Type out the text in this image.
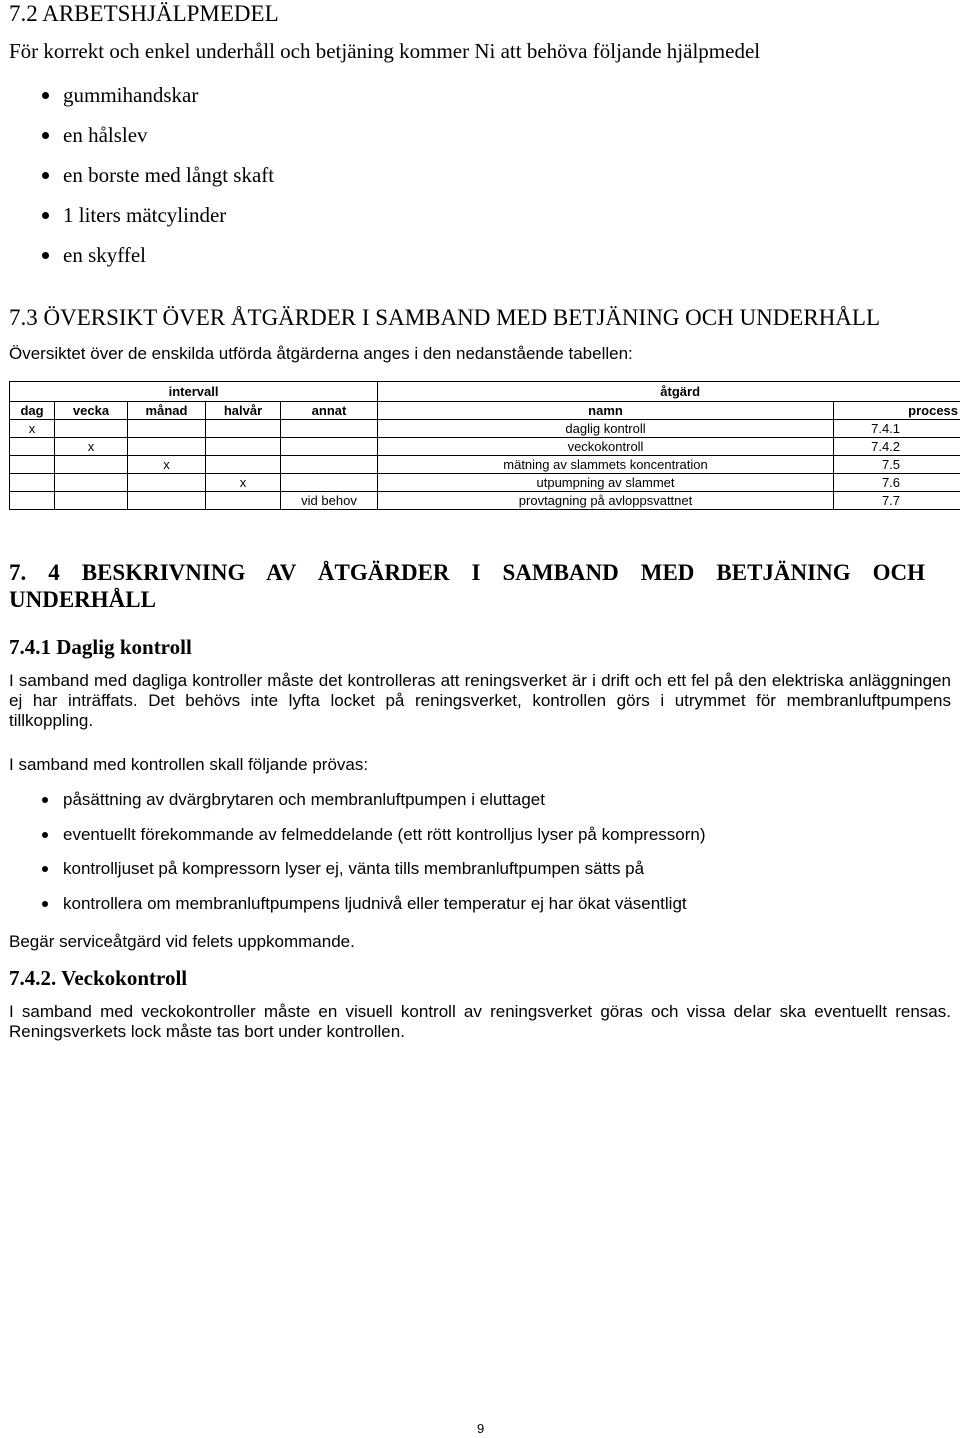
7.2 ARBETSHJÄLPMEDEL
För korrekt och enkel underhåll och betjäning kommer Ni att behöva följande hjälpmedel
gummihandskar
en hålslev
en borste med långt skaft
1 liters mätcylinder
en skyffel
7.3 ÖVERSIKT ÖVER ÅTGÄRDER I SAMBAND MED BETJÄNING OCH UNDERHÅLL
Översiktet över de enskilda utförda åtgärderna anges i den nedanstående tabellen:
intervall					åtgärd	
dag	vecka	månad	halvår	annat	namn	process
x					daglig kontroll	7.4.1
	x				veckokontroll	7.4.2
		x			mätning av slammets koncentration	7.5
			x		utpumpning av slammet	7.6
				vid behov	provtagning på avloppsvattnet	7.7
7. 4 BESKRIVNING AV ÅTGÄRDER I SAMBAND MED BETJÄNING OCH
UNDERHÅLL
7.4.1 Daglig kontroll
I samband med dagliga kontroller måste det kontrolleras att reningsverket är i drift och ett fel på den elektriska anläggningen ej har inträffats. Det behövs inte lyfta locket på reningsverket, kontrollen görs i utrymmet för membranluftpumpens tillkoppling.
I samband med kontrollen skall följande prövas:
påsättning av dvärgbrytaren och membranluftpumpen i eluttaget
eventuellt förekommande av felmeddelande (ett rött kontrolljus lyser på kompressorn)
kontrolljuset på kompressorn lyser ej, vänta tills membranluftpumpen sätts på
kontrollera om membranluftpumpens ljudnivå eller temperatur ej har ökat väsentligt
Begär serviceåtgärd vid felets uppkommande.
7.4.2. Veckokontroll
I samband med veckokontroller måste en visuell kontroll av reningsverket göras och vissa delar ska eventuellt rensas. Reningsverkets lock måste tas bort under kontrollen.
9
